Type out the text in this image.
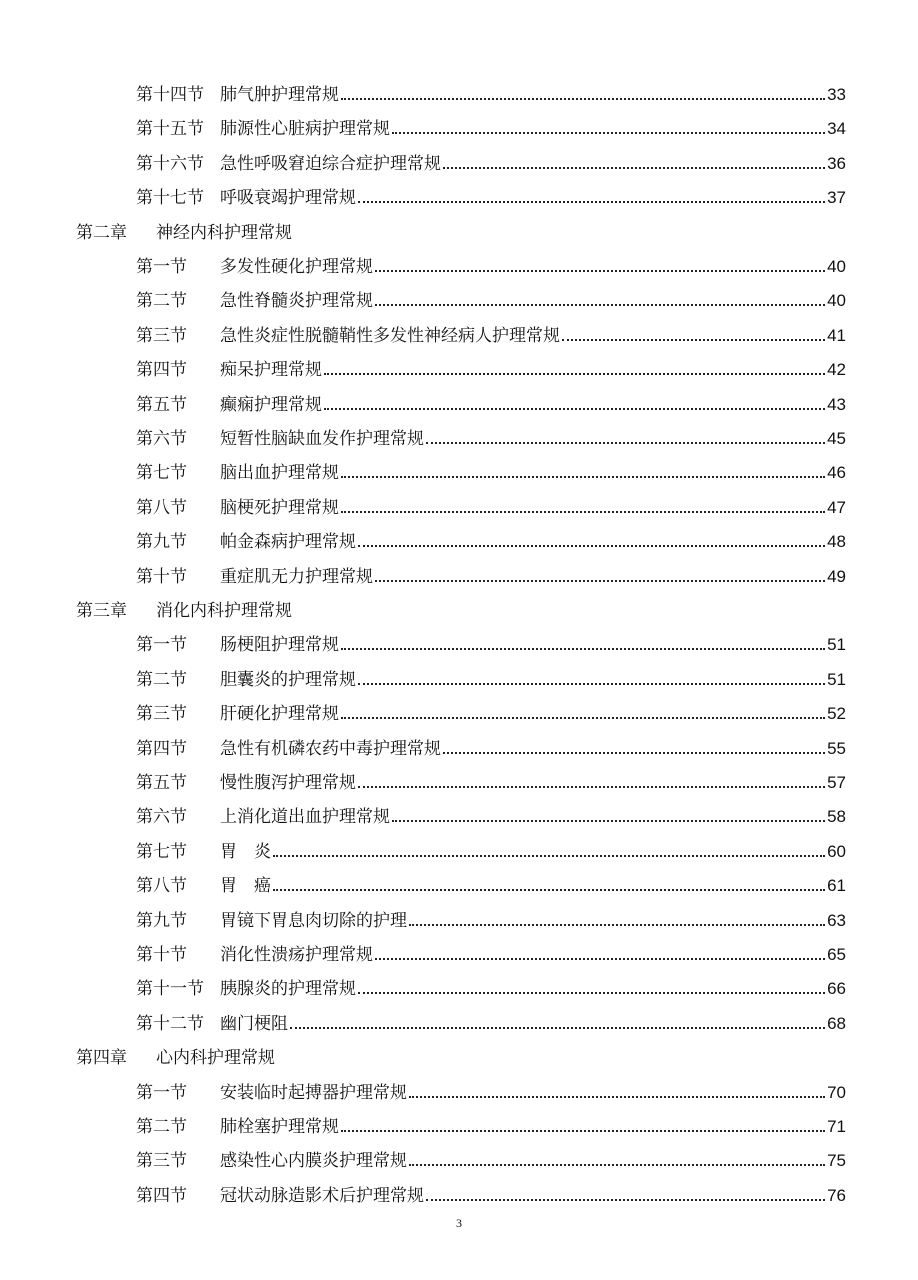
第十四节 肺气肿护理常规	33
第十五节 肺源性心脏病护理常规	34
第十六节 急性呼吸窘迫综合症护理常规	36
第十七节 呼吸衰竭护理常规	37
第二章	神经内科护理常规
第一节	多发性硬化护理常规	40
第二节	急性脊髓炎护理常规	40
第三节	急性炎症性脱髓鞘性多发性神经病人护理常规	41
第四节	痴呆护理常规	42
第五节	癫痫护理常规	43
第六节	短暂性脑缺血发作护理常规	45
第七节	脑出血护理常规	46
第八节	脑梗死护理常规	47
第九节	帕金森病护理常规	48
第十节	重症肌无力护理常规	49
第三章	消化内科护理常规
第一节	肠梗阻护理常规	51
第二节	胆囊炎的护理常规	51
第三节	肝硬化护理常规	52
第四节	急性有机磷农药中毒护理常规	55
第五节	慢性腹泻护理常规	57
第六节	上消化道出血护理常规	58
第七节	胃　炎	60
第八节	胃　癌	61
第九节	胃镜下胃息肉切除的护理	63
第十节	消化性溃疡护理常规	65
第十一节 胰腺炎的护理常规	66
第十二节 幽门梗阻	68
第四章	心内科护理常规
第一节	安装临时起搏器护理常规	70
第二节	肺栓塞护理常规	71
第三节	感染性心内膜炎护理常规	75
第四节	冠状动脉造影术后护理常规	76
3
